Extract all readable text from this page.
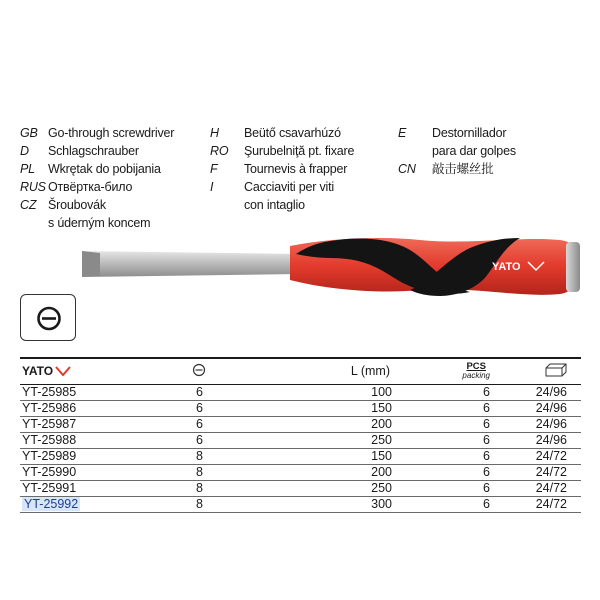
GB Go-through screwdriver
D	Schlagschrauber
PL	Wkrętak do pobijania
RUS Отвёртка-било
CZ Šroubovák
s úderným koncem
H	Beütő csavarhúzó
RO	Şurubelniţă pt. fixare
F	Tournevis à frapper
I	Cacciaviti per viti
con intaglio
E	Destornillador
para dar golpes
CN	敲击螺丝批
YATO
YATO		L (mm)	PCS
packing

YT-25985	6	100	6	24/96
YT-25986	6	150	6	24/96
YT-25987	6	200	6	24/96
YT-25988	6	250	6	24/96
YT-25989	8	150	6	24/72
YT-25990	8	200	6	24/72
YT-25991	8	250	6	24/72
YT-25992	8	300	6	24/72
